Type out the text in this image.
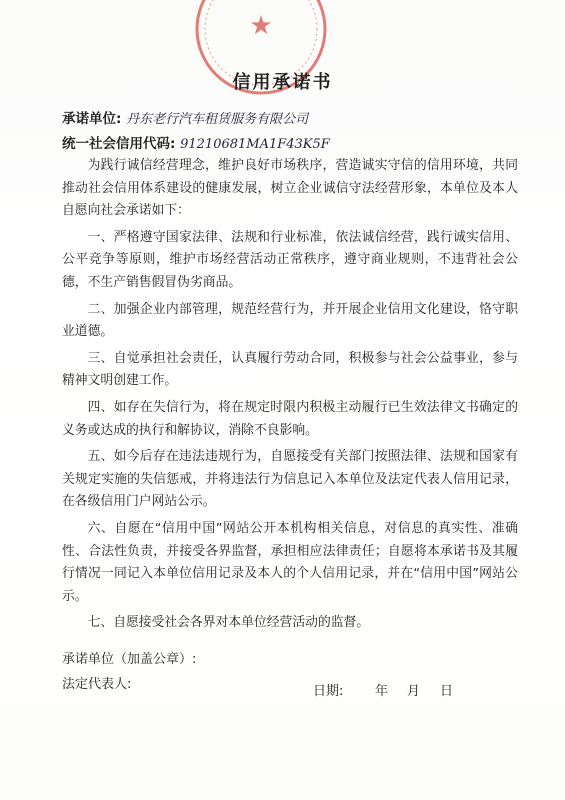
★
信用承诺书
承诺单位: 丹东老行汽车租赁服务有限公司
统一社会信用代码: 91210681MA1F43K5F

为践行诚信经营理念，维护良好市场秩序，营造诚实守信的信用环境，共同推动社会信用体系建设的健康发展，树立企业诚信守法经营形象，本单位及本人自愿向社会承诺如下：

一、严格遵守国家法律、法规和行业标准，依法诚信经营，践行诚实信用、公平竞争等原则，维护市场经营活动正常秩序，遵守商业规则，不违背社会公德，不生产销售假冒伪劣商品。

二、加强企业内部管理，规范经营行为，并开展企业信用文化建设，恪守职业道德。

三、自觉承担社会责任，认真履行劳动合同，积极参与社会公益事业，参与精神文明创建工作。

四、如存在失信行为，将在规定时限内积极主动履行已生效法律文书确定的义务或达成的执行和解协议，消除不良影响。

五、如今后存在违法违规行为，自愿接受有关部门按照法律、法规和国家有关规定实施的失信惩戒，并将违法行为信息记入本单位及法定代表人信用记录，在各级信用门户网站公示。

六、自愿在“信用中国”网站公开本机构相关信息，对信息的真实性、准确性、合法性负责，并接受各界监督，承担相应法律责任；自愿将本承诺书及其履行情况一同记入本单位信用记录及本人的个人信用记录，并在“信用中国”网站公示。

七、自愿接受社会各界对本单位经营活动的监督。

承诺单位（加盖公章）:
法定代表人:	日期: 年 月 日
